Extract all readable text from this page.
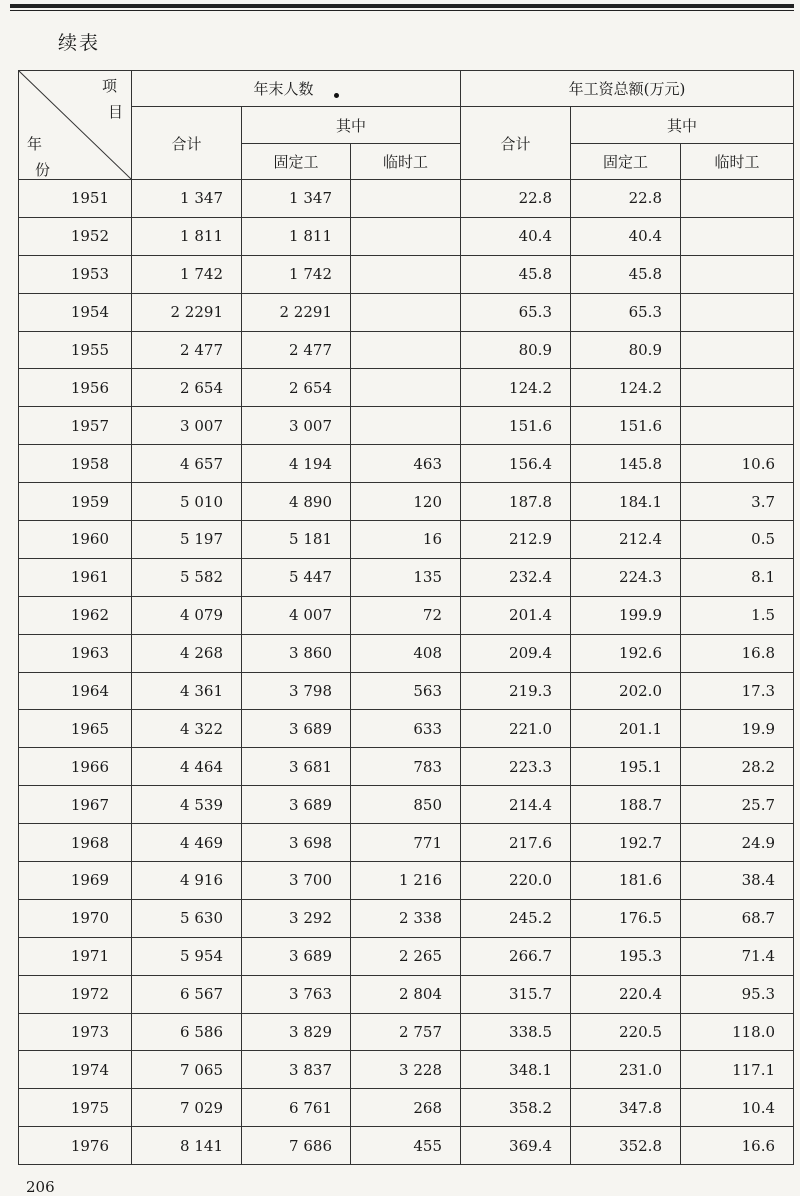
续表
项
目
年
份	年末人数			年工资总额(万元)		
	合计	其中		合计	其中	
		固定工	临时工		固定工	临时工
1951	1 347	1 347		22.8	22.8	
1952	1 811	1 811		40.4	40.4	
1953	1 742	1 742		45.8	45.8	
1954	2 2291	2 2291		65.3	65.3	
1955	2 477	2 477		80.9	80.9	
1956	2 654	2 654		124.2	124.2	
1957	3 007	3 007		151.6	151.6	
1958	4 657	4 194	463	156.4	145.8	10.6
1959	5 010	4 890	120	187.8	184.1	3.7
1960	5 197	5 181	16	212.9	212.4	0.5
1961	5 582	5 447	135	232.4	224.3	8.1
1962	4 079	4 007	72	201.4	199.9	1.5
1963	4 268	3 860	408	209.4	192.6	16.8
1964	4 361	3 798	563	219.3	202.0	17.3
1965	4 322	3 689	633	221.0	201.1	19.9
1966	4 464	3 681	783	223.3	195.1	28.2
1967	4 539	3 689	850	214.4	188.7	25.7
1968	4 469	3 698	771	217.6	192.7	24.9
1969	4 916	3 700	1 216	220.0	181.6	38.4
1970	5 630	3 292	2 338	245.2	176.5	68.7
1971	5 954	3 689	2 265	266.7	195.3	71.4
1972	6 567	3 763	2 804	315.7	220.4	95.3
1973	6 586	3 829	2 757	338.5	220.5	118.0
1974	7 065	3 837	3 228	348.1	231.0	117.1
1975	7 029	6 761	268	358.2	347.8	10.4
1976	8 141	7 686	455	369.4	352.8	16.6
206
